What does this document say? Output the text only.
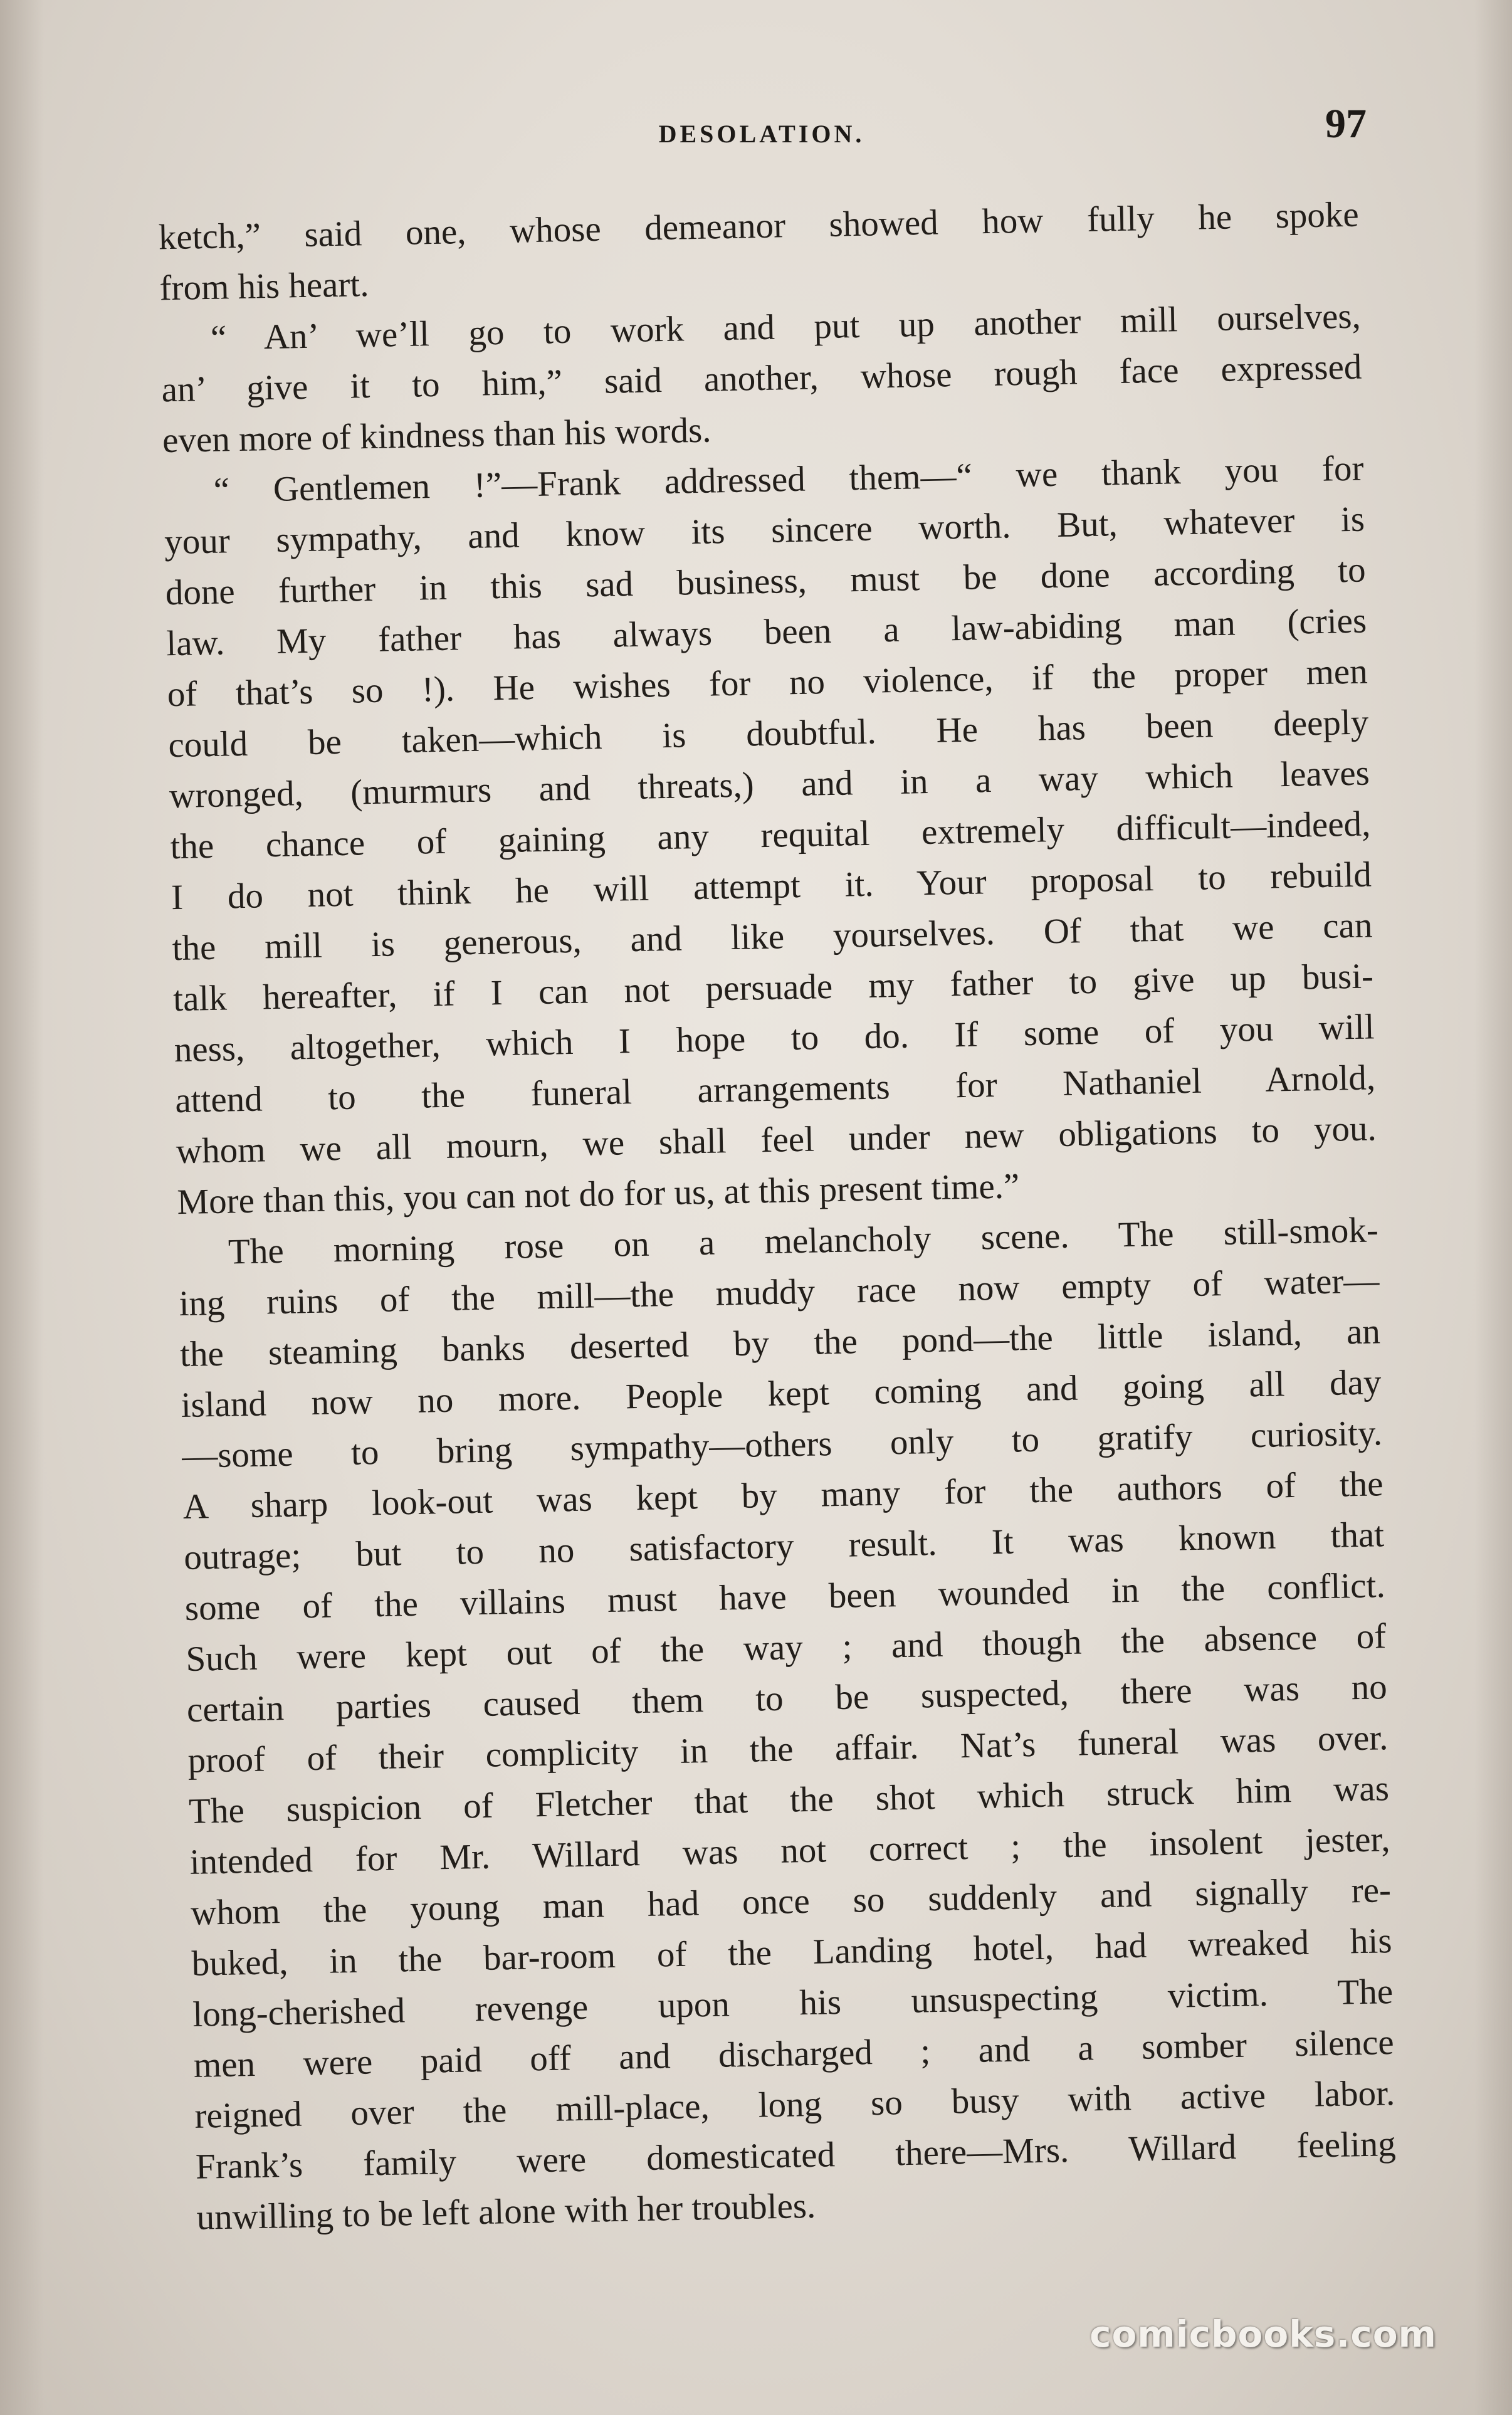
DESOLATION.	97
ketch,” said one, whose demeanor showed how fully he spoke
from his heart.
“ An’ we’ll go to work and put up another mill ourselves,
an’ give it to him,” said another, whose rough face expressed
even more of kindness than his words.
“ Gentlemen !”—Frank addressed them—“ we thank you for
your sympathy, and know its sincere worth. But, whatever is
done further in this sad business, must be done according to
law. My father has always been a law-abiding man (cries
of that’s so !). He wishes for no violence, if the proper men
could be taken—which is doubtful. He has been deeply
wronged, (murmurs and threats,) and in a way which leaves
the chance of gaining any requital extremely difficult—indeed,
I do not think he will attempt it. Your proposal to rebuild
the mill is generous, and like yourselves. Of that we can
talk hereafter, if I can not persuade my father to give up busi-
ness, altogether, which I hope to do. If some of you will
attend to the funeral arrangements for Nathaniel Arnold,
whom we all mourn, we shall feel under new obligations to you.
More than this, you can not do for us, at this present time.”
The morning rose on a melancholy scene. The still-smok-
ing ruins of the mill—the muddy race now empty of water—
the steaming banks deserted by the pond—the little island, an
island now no more. People kept coming and going all day
—some to bring sympathy—others only to gratify curiosity.
A sharp look-out was kept by many for the authors of the
outrage; but to no satisfactory result. It was known that
some of the villains must have been wounded in the conflict.
Such were kept out of the way ; and though the absence of
certain parties caused them to be suspected, there was no
proof of their complicity in the affair. Nat’s funeral was over.
The suspicion of Fletcher that the shot which struck him was
intended for Mr. Willard was not correct ; the insolent jester,
whom the young man had once so suddenly and signally re-
buked, in the bar-room of the Landing hotel, had wreaked his
long-cherished revenge upon his unsuspecting victim. The
men were paid off and discharged ; and a somber silence
reigned over the mill-place, long so busy with active labor.
Frank’s family were domesticated there—Mrs. Willard feeling
unwilling to be left alone with her troubles.
comicbooks.com
